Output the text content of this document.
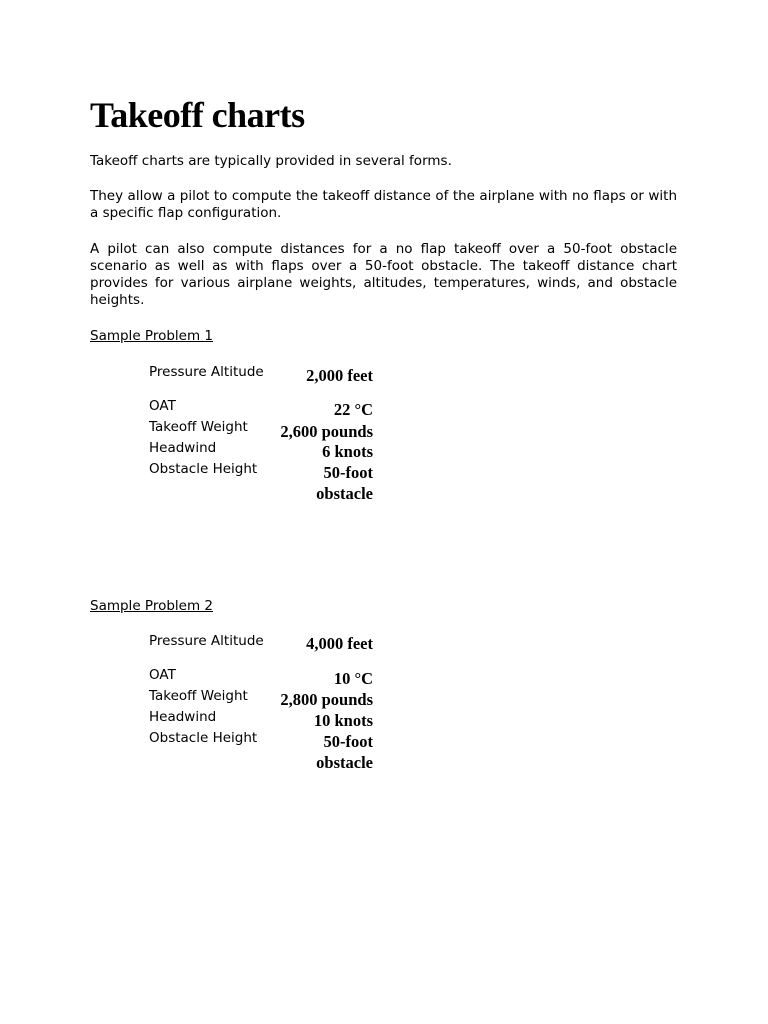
Takeoff charts

Takeoff charts are typically provided in several forms.

They allow a pilot to compute the takeoff distance of the airplane with no flaps or with a specific flap configuration.

A pilot can also compute distances for a no flap takeoff over a 50-foot obstacle scenario as well as with flaps over a 50-foot obstacle. The takeoff distance chart provides for various airplane weights, altitudes, temperatures, winds, and obstacle heights.

Sample Problem 1

Pressure Altitude	2,000 feet
OAT	22 °C
Takeoff Weight	2,600 pounds
Headwind	6 knots
Obstacle Height	50-foot obstacle

Sample Problem 2

Pressure Altitude	4,000 feet
OAT	10 °C
Takeoff Weight	2,800 pounds
Headwind	10 knots
Obstacle Height	50-foot obstacle
